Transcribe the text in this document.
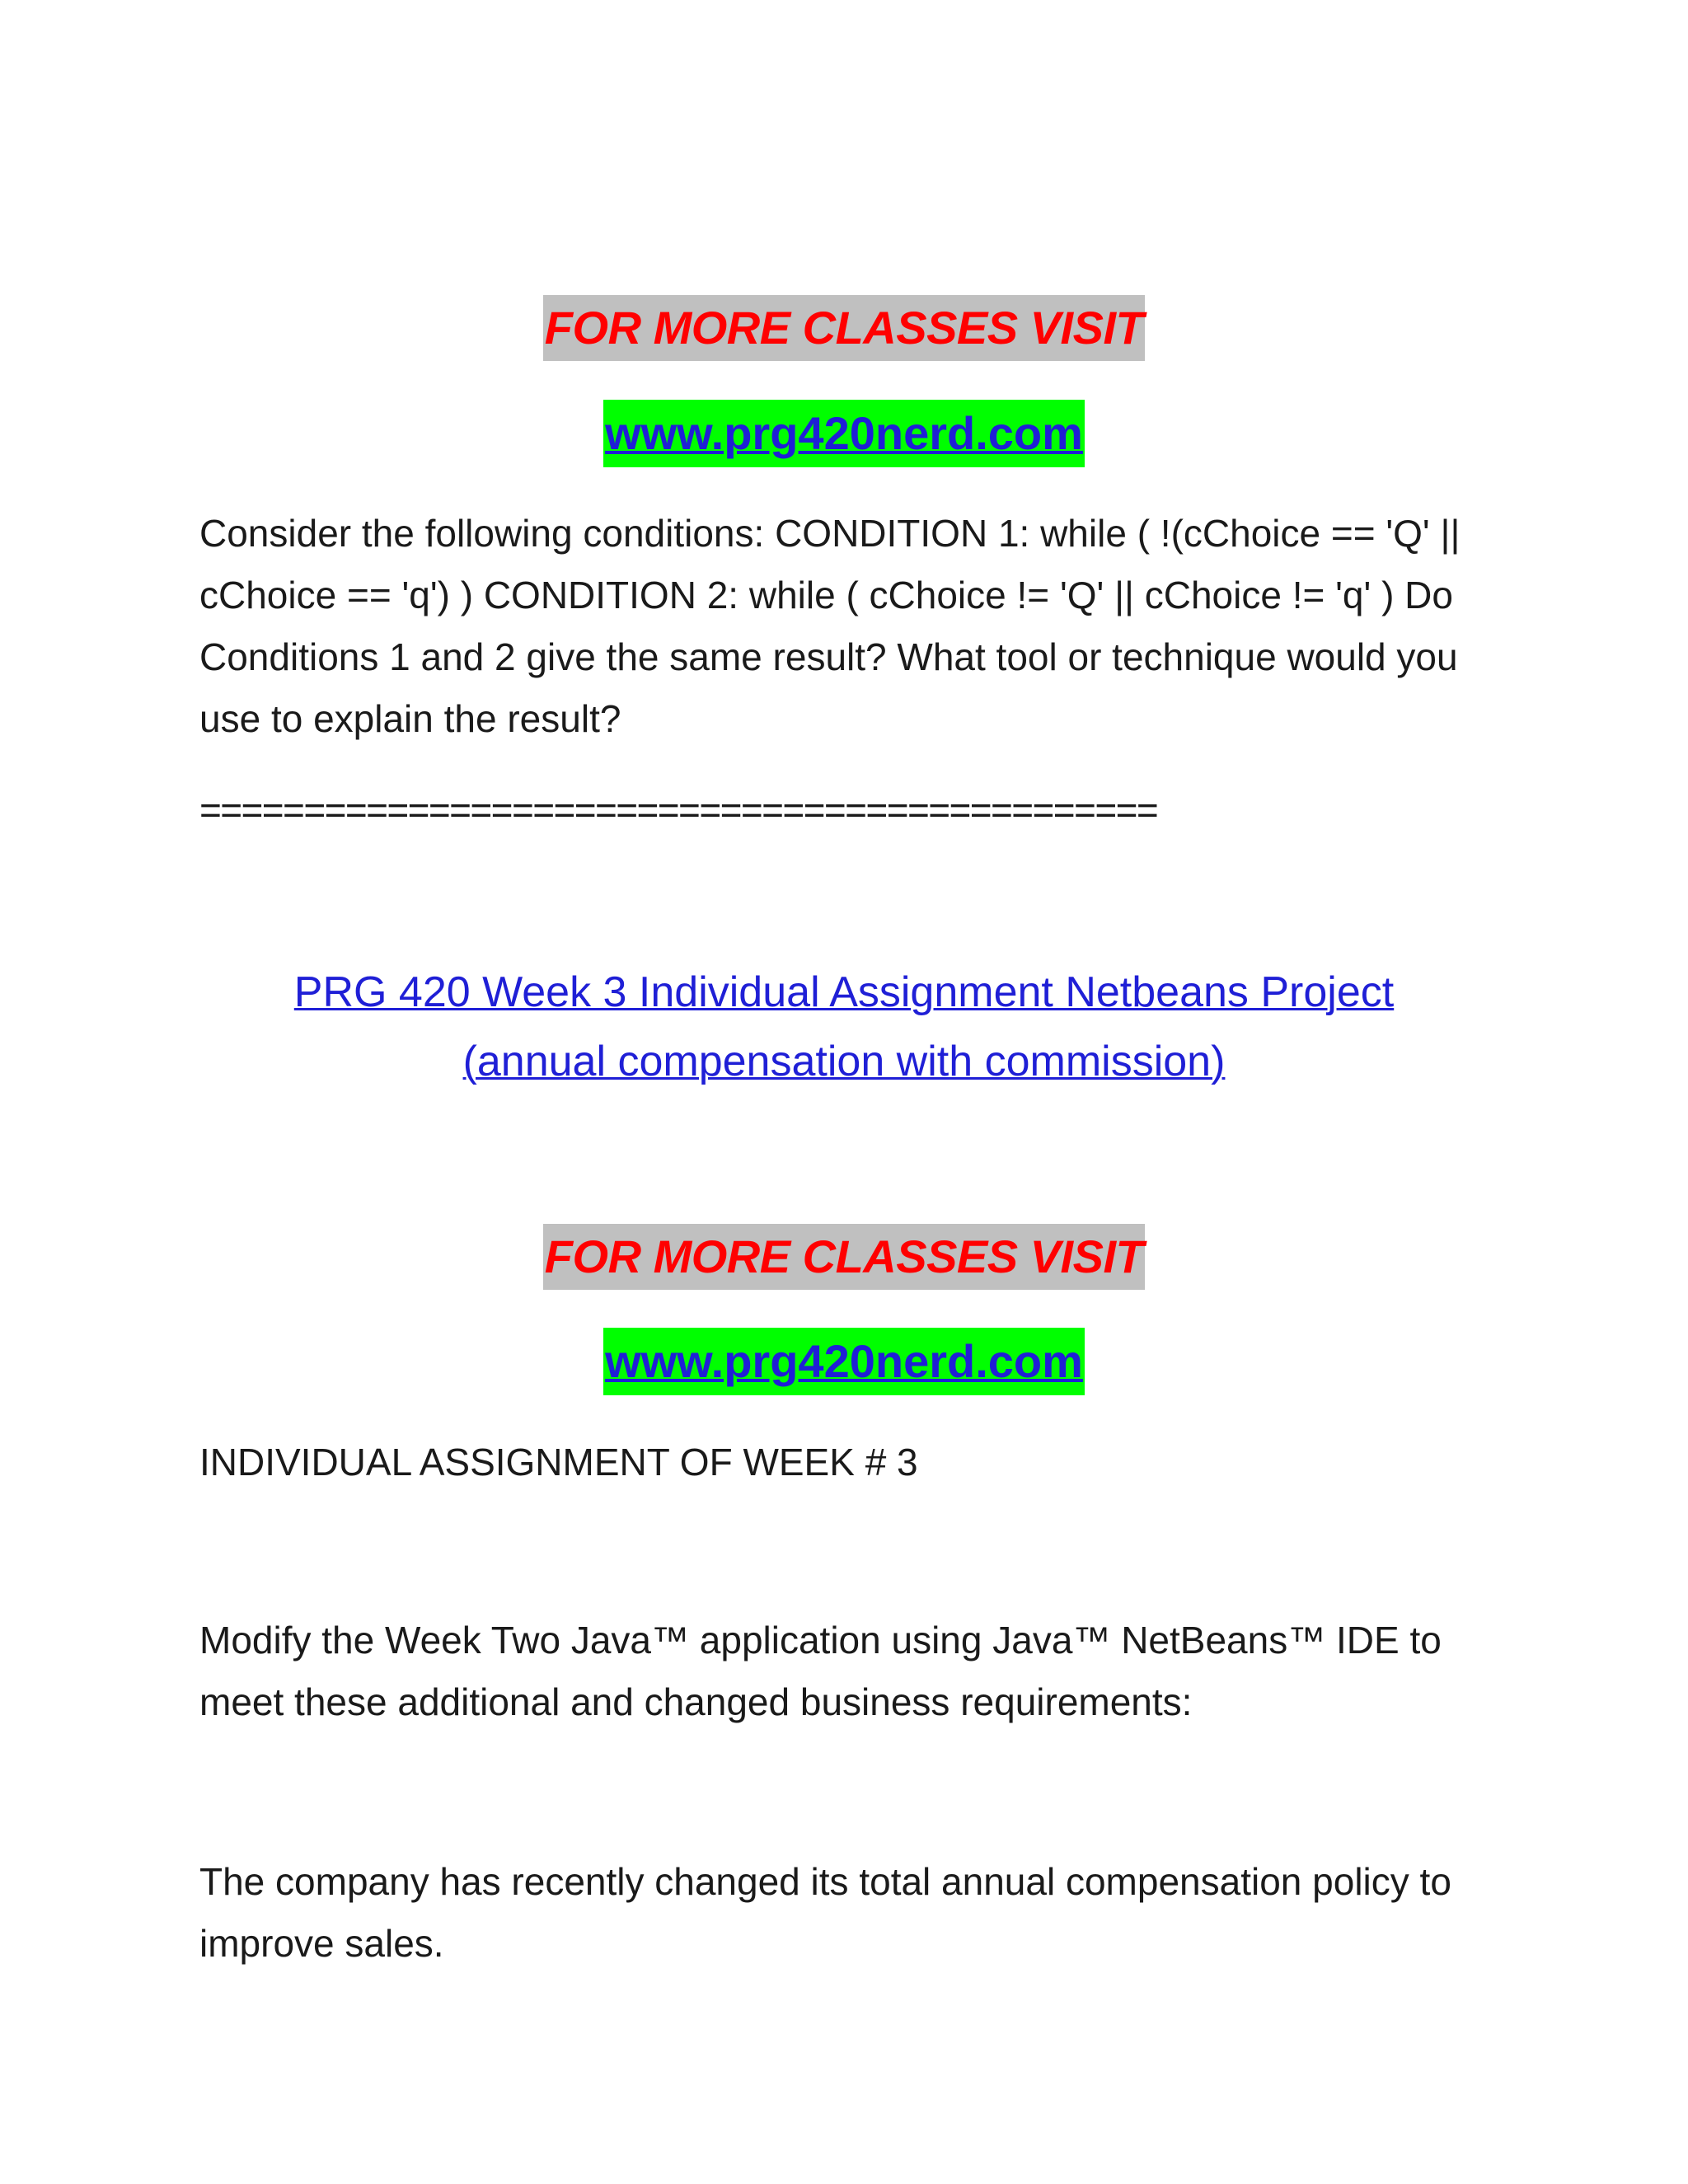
FOR MORE CLASSES VISIT
www.prg420nerd.com

Consider the following conditions: CONDITION 1: while ( !(cChoice == 'Q' || cChoice == 'q') ) CONDITION 2: while ( cChoice != 'Q' || cChoice != 'q' ) Do Conditions 1 and 2 give the same result? What tool or technique would you use to explain the result?

==============================================
PRG 420 Week 3 Individual Assignment Netbeans Project
(annual compensation with commission)
FOR MORE CLASSES VISIT
www.prg420nerd.com

INDIVIDUAL ASSIGNMENT OF WEEK # 3

Modify the Week Two Java™ application using Java™ NetBeans™ IDE to meet these additional and changed business requirements:

The company has recently changed its total annual compensation policy to improve sales.
